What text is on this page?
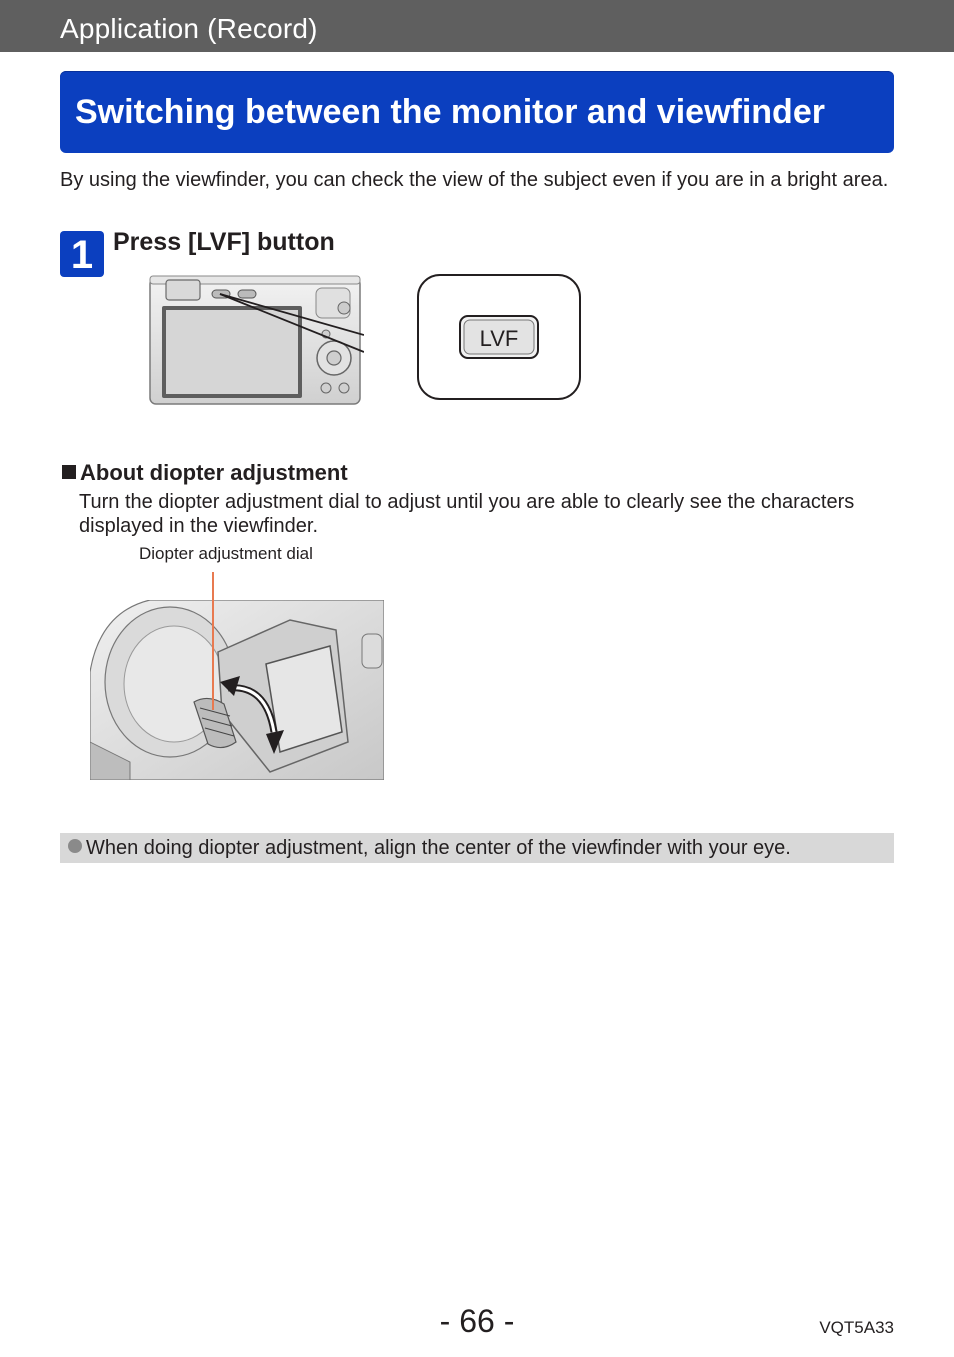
Application (Record)
Switching between the monitor and viewfinder
By using the viewfinder, you can check the view of the subject even if you are in a bright area.
1 Press [LVF] button
LVF
About diopter adjustment
Turn the diopter adjustment dial to adjust until you are able to clearly see the characters displayed in the viewfinder.
Diopter adjustment dial
When doing diopter adjustment, align the center of the viewfinder with your eye.
- 66 -	VQT5A33
